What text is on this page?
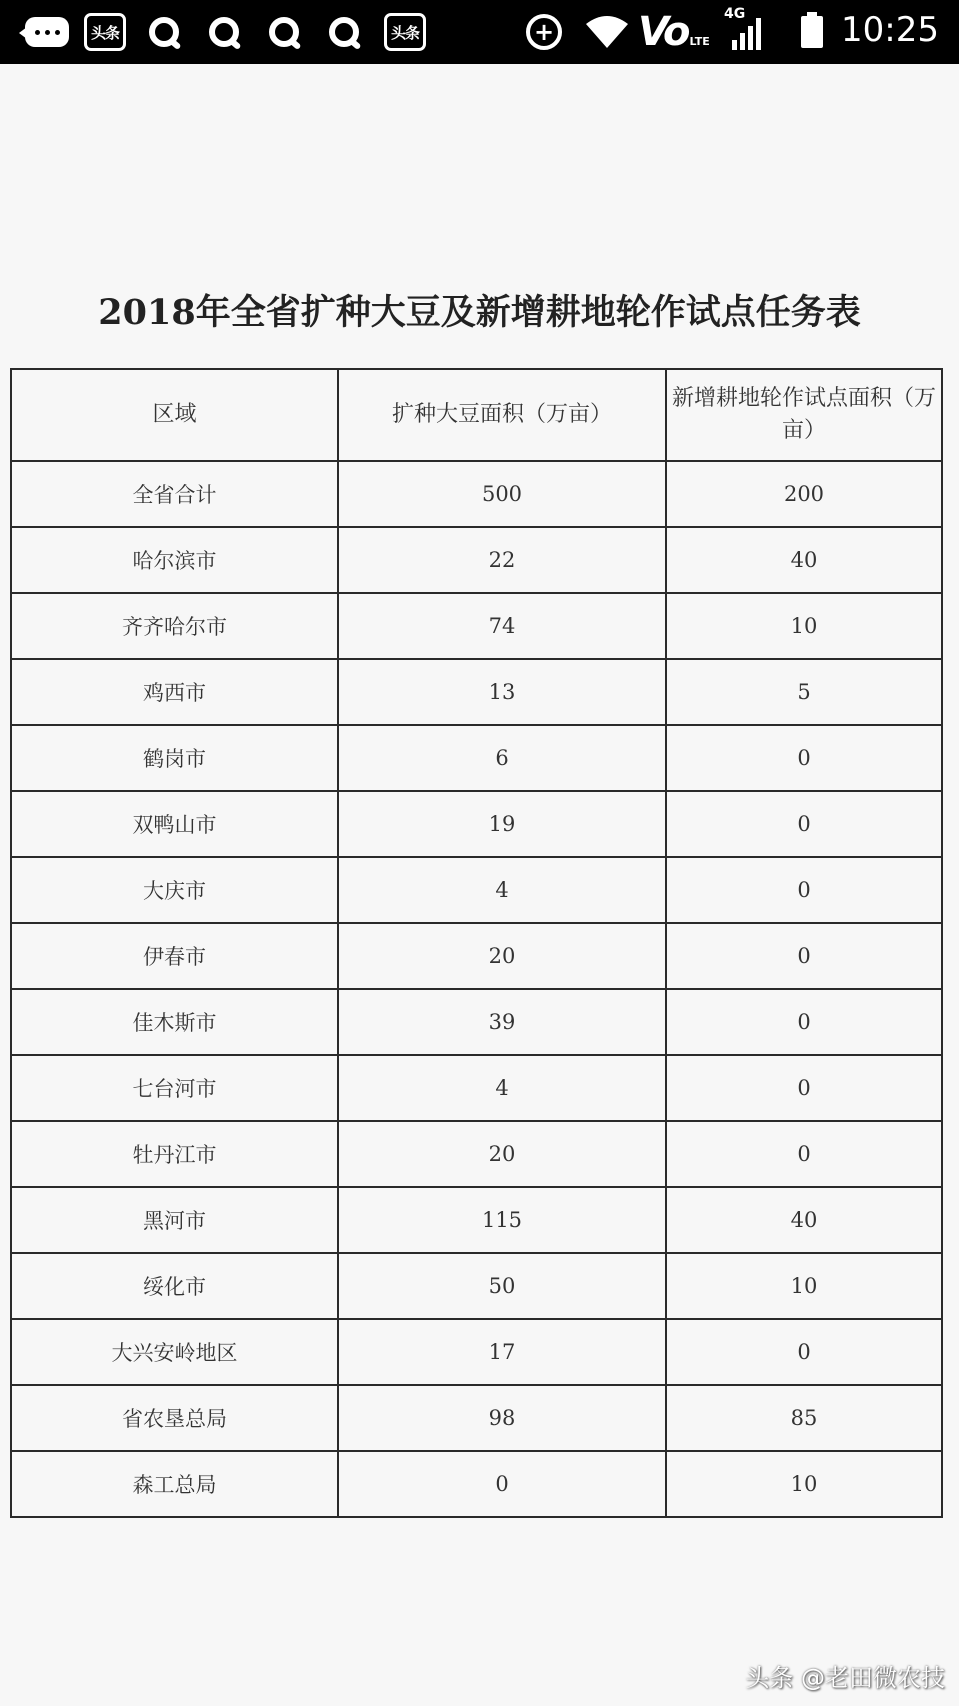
头条	头条	+ Vo LTE
4G	10:25
2018年全省扩种大豆及新增耕地轮作试点任务表
区域	扩种大豆面积（万亩）	新增耕地轮作试点面积（万亩）
全省合计	500	200
哈尔滨市	22	40
齐齐哈尔市	74	10
鸡西市	13	5
鹤岗市	6	0
双鸭山市	19	0
大庆市	4	0
伊春市	20	0
佳木斯市	39	0
七台河市	4	0
牡丹江市	20	0
黑河市	115	40
绥化市	50	10
大兴安岭地区	17	0
省农垦总局	98	85
森工总局	0	10
头条 @老田微农技
